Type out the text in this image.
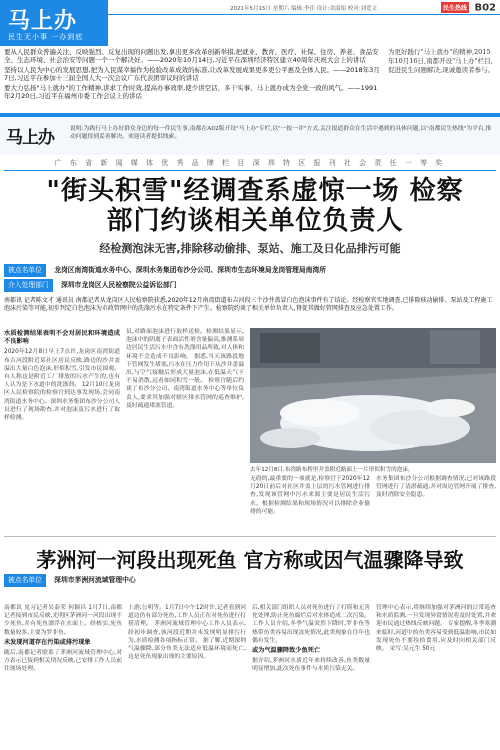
马上办
民生无小事 一办到底
2021年5月15日 星期六 编辑:李佳 设计:余淑娟 校对:刘爱文	民生热线 B02

要从人民群众普遍关注、反映强烈、反复出现的问题出发,拿出更多改革创新举措,把就业、教育、医疗、社保、住房、养老、食品安全、生态环境、社会治安等问题一个一个解决好。——2020年10月14日,习近平在深圳经济特区建立40周年庆祝大会上的讲话

坚持以人民为中心的发展思想,把为人民谋幸福作为检验改革成效的标准,让改革发展成果更多更公平惠及全体人民。——2018年3月7日,习近平在参加十三届全国人大一次会议广东代表团审议时的讲话

要大力弘扬"马上就办"的工作精神,讲求工作时效,提高办事效率,使少讲空话、多干实事、马上就办成为全党一致的风气。——1991年2月20日,习近平在福州市委工作会议上的讲话

为更好践行"马上就办"的精神,2015年10月16日,南都开设"马上办"栏目,促进民生问题解决,现诚邀读者参与。
马上办	说明:为践行马上办好群众身边的每一件民生事,南都在A02版开设"马上办"专栏,以"一报一评"方式,关注报道群众在生活中遇到的具体问题,以"南都民生热线"为平台,推动问题得到妥善解决。欢迎读者提供线索。
广 东 省 新 闻 媒 体 优 秀 品 牌 栏 目 深 圳 特 区 报 刊 社 会 责 任 一 等 奖
"街头积雪"经调查系虚惊一场 检察部门约谈相关单位负责人
经检测泡沫无害,排除移动偷排、泵站、施工及日化品排污可能
被点名单位 龙岗区南湾街道水务中心、深圳水务集团布沙分公司、深圳市生态环境局龙岗管理局南湾所
介入处理部门 深圳市龙岗区人民检察院公益诉讼部门
南都讯 记者陈文才 通讯员 南都记者从龙岗区人民检察院获悉,2020年12月南湾街道布吉河段三个沙井盖冒白色泡沫事件有了结论。经检察官实地调查,已排除移动偷排、泵站及工程施工泡沫污染等可能,初步判定白色泡沫为市政管网中的洗涤污水在特定条件下产生。检察院约谈了相关单位负责人,督促其做好管网排查及应急处置工作。
水质检测结果表明不会对居民和环境造成不良影响
2020年12月8日早上7点许,龙岗区南湾街道布吉河段附近某社区居民反映,路边的沙井盖溢出大量白色泡沫,形似积雪,引发市民围观。有人称这是附近工厂排放的污水产生的,也有人认为是下水道中的洗涤剂。 12月10日龙岗区人民检察院的检察官到达事发现场,会同南湾街道水务中心、深圳水务集团布沙分公司人员进行了现场勘查,并对泡沫及污水进行了取样检测。
员,对路面泡沫进行取样送检。检测结果显示,泡沫中的阴离子表面活性剂含量偏高,推测系周边居民生活污水中含有洗涤用品所致,对人体和环境不会造成不良影响。 据悉,当天该路段地下管网发生堵塞,污水在压力作用下从沙井盖溢出,与空气接触后形成大量泡沫,在低温天气下不易消散,远看如同积雪一般。 检察官随后约谈了布沙分公司、南湾街道水务中心等单位负责人,要求其加强对辖区排水管网的巡查维护,及时疏通堵塞管道。
去年12月8日,布湾路布桥里井盖附近路面上一片形似积雪的泡沫。
无碍的,最重要的一项就是,检察官于2020年12月20日前后对社区井盖上层的污水管网进行排查,发现该管网中污水来源主要是居民生活污水。根据检测结果和现场情况可以排除企业偷排的可能。
水务集团布沙分公司根据调查情况,已对该路段管网进行了清淤疏通,并对周边管网开展了排查,及时消除安全隐患。
茅洲河一河段出现死鱼 官方称或因气温骤降导致
被点名单位 深圳市茅洲河流域管理中心
南都讯 见习记者吴泰荣 何颖昌 1月7日,南都记者接到市民反映,光明区茅洲河一河段出现不少死鱼,并有死鱼漂浮在水面上。经核实,死鱼数量较多,主要为罗非鱼。
未发现河道存在污染或排污现象
随后,南都记者联系了茅洲河流域管理中心,对方表示已接到相关情况反映,已安排工作人员前往现场处理。
上游;公明等。1月7日中午12时许,记者看到河道边仍有部分死鱼,工作人员正在对死鱼进行打捞清理。 茅洲河流域管理中心工作人员表示,经初步调查,该河段近期并未发现明显排污行为,水质检测各项指标正常。 据了解,近期深圳气温骤降,部分鱼类无法适应低温环境而死亡,这是死鱼现象出现的主要原因。
后,相关部门组织人员对死鱼进行了打捞和无害化处理,防止死鱼腐烂后对水体造成二次污染。 工作人员介绍,冬季气温突然下降时,罗非鱼等热带鱼类容易出现冻死情况,此类现象在往年也偶有发生。
或为气温骤降致少鱼死亡
据介绍,茅洲河水质近年来持续改善,鱼类数量明显增加,此次死鱼事件与水质污染无关。
管理中心表示,将继续加强对茅洲河的日常巡查和水质监测,一旦发现异常情况将及时处置,并欢迎市民通过热线反映问题。 专家提醒,冬季寒潮来临时,河道中的鱼类容易受到低温影响,市民如发现死鱼不要捡拾食用,应及时向相关部门反映。 采写:吴元生 50元
